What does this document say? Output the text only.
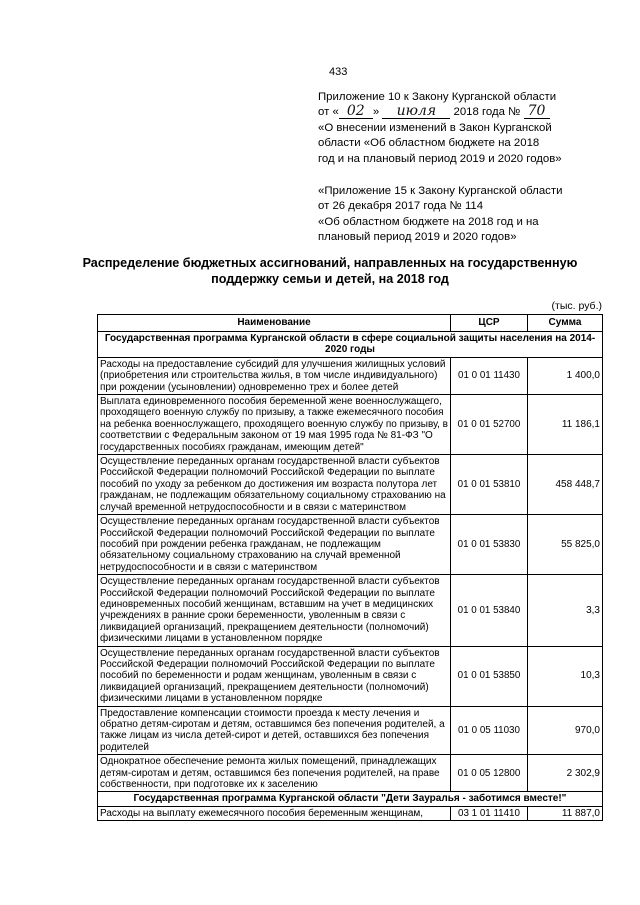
433

Приложение 10 к Закону Курганской области

от « 02 » июля 2018 года № 70

«О внесении изменений в Закон Курганской

области «Об областном бюджете на 2018

год и на плановый период 2019 и 2020 годов»

«Приложение 15 к Закону Курганской области

от 26 декабря 2017 года № 114

«Об областном бюджете на 2018 год и на

плановый период 2019 и 2020 годов»

Распределение бюджетных ассигнований, направленных на государственную поддержку семьи и детей, на 2018 год
(тыс. руб.)
Наименование	ЦСР	Сумма
Государственная программа Курганской области в сфере социальной защиты населения на 2014-2020 годы		
Расходы на предоставление субсидий для улучшения жилищных условий (приобретения или строительства жилья, в том числе индивидуального) при рождении (усыновлении) одновременно трех и более детей	01 0 01 11430	1 400,0
Выплата единовременного пособия беременной жене военнослужащего, проходящего военную службу по призыву, а также ежемесячного пособия на ребенка военнослужащего, проходящего военную службу по призыву, в соответствии с Федеральным законом от 19 мая 1995 года № 81-ФЗ "О государственных пособиях гражданам, имеющим детей"	01 0 01 52700	11 186,1
Осуществление переданных органам государственной власти субъектов Российской Федерации полномочий Российской Федерации по выплате пособий по уходу за ребенком до достижения им возраста полутора лет гражданам, не подлежащим обязательному социальному страхованию на случай временной нетрудоспособности и в связи с материнством	01 0 01 53810	458 448,7
Осуществление переданных органам государственной власти субъектов Российской Федерации полномочий Российской Федерации по выплате пособий при рождении ребенка гражданам, не подлежащим обязательному социальному страхованию на случай временной нетрудоспособности и в связи с материнством	01 0 01 53830	55 825,0
Осуществление переданных органам государственной власти субъектов Российской Федерации полномочий Российской Федерации по выплате единовременных пособий женщинам, вставшим на учет в медицинских учреждениях в ранние сроки беременности, уволенным в связи с ликвидацией организаций, прекращением деятельности (полномочий) физическими лицами в установленном порядке	01 0 01 53840	3,3
Осуществление переданных органам государственной власти субъектов Российской Федерации полномочий Российской Федерации по выплате пособий по беременности и родам женщинам, уволенным в связи с ликвидацией организаций, прекращением деятельности (полномочий) физическими лицами в установленном порядке	01 0 01 53850	10,3
Предоставление компенсации стоимости проезда к месту лечения и обратно детям-сиротам и детям, оставшимся без попечения родителей, а также лицам из числа детей-сирот и детей, оставшихся без попечения родителей	01 0 05 11030	970,0
Однократное обеспечение ремонта жилых помещений, принадлежащих детям-сиротам и детям, оставшимся без попечения родителей, на праве собственности, при подготовке их к заселению	01 0 05 12800	2 302,9
Государственная программа Курганской области "Дети Зауралья - заботимся вместе!"		
Расходы на выплату ежемесячного пособия беременным женщинам,	03 1 01 11410	11 887,0
